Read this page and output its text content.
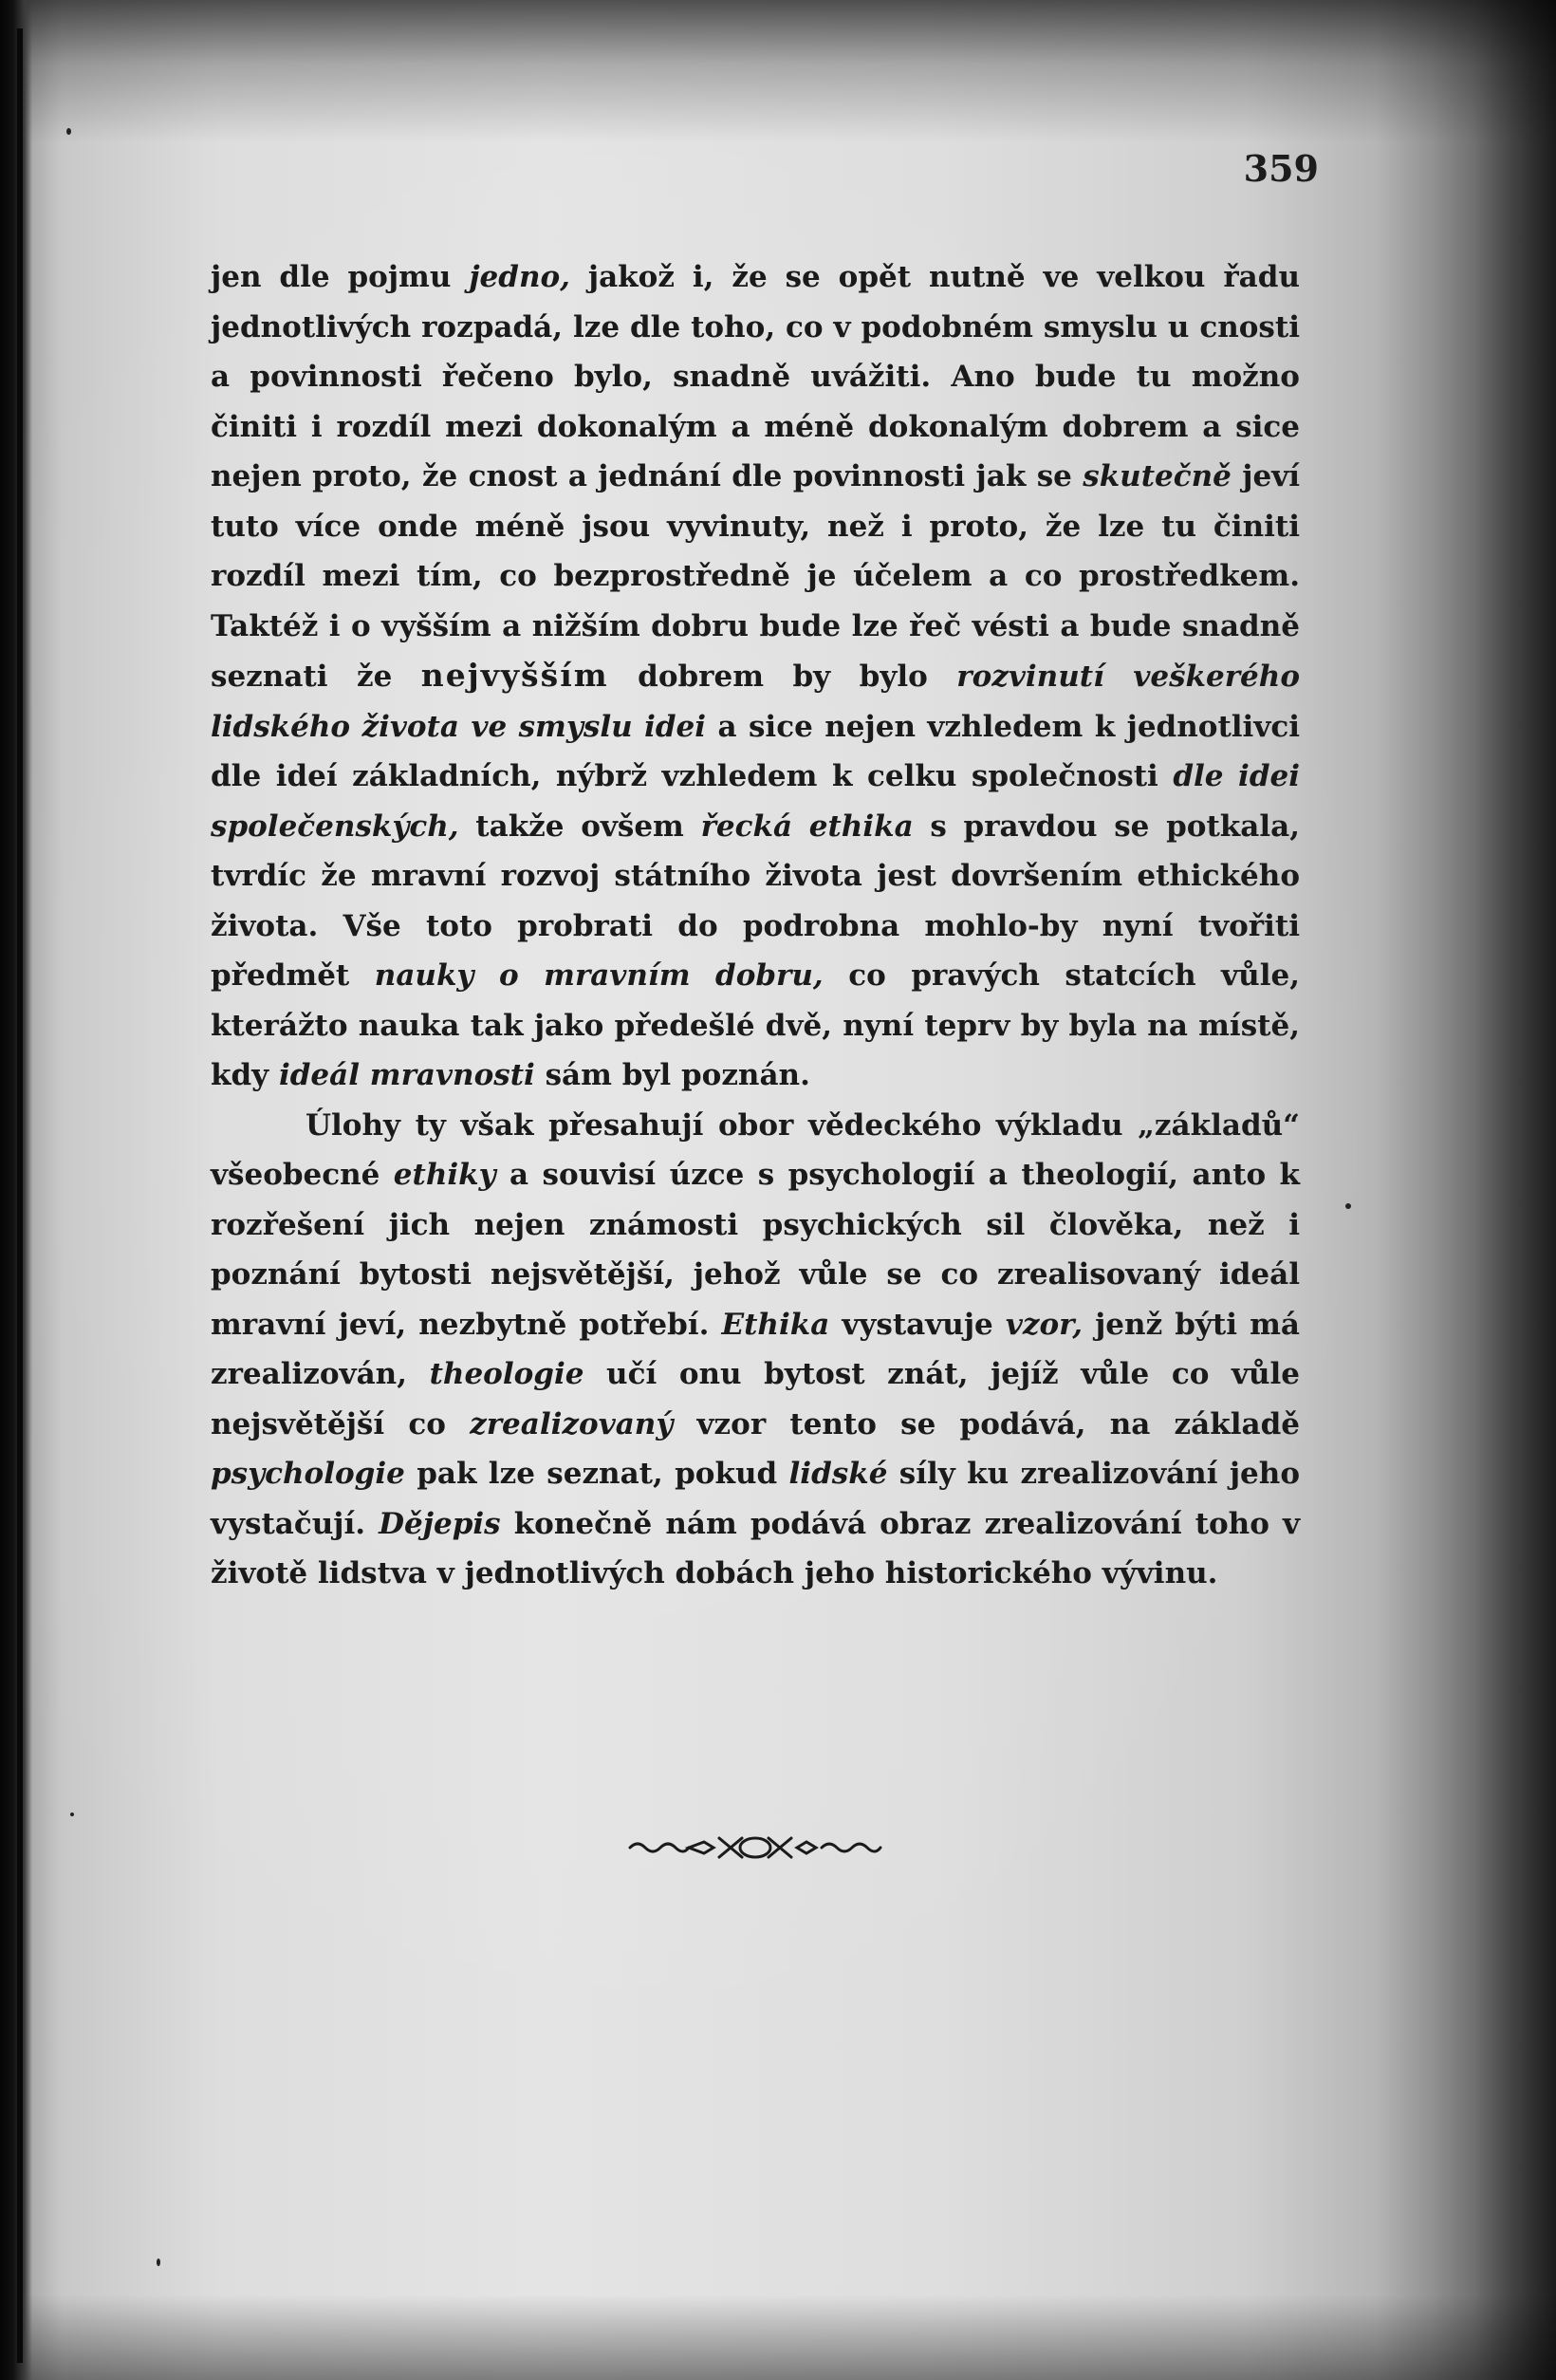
359

jen dle pojmu jedno, jakož i, že se opět nutně ve velkou řadu jednotlivých rozpadá, lze dle toho, co v podobném smyslu u cnosti a povinnosti řečeno bylo, snadně uvážiti. Ano bude tu možno činiti i rozdíl mezi dokonalým a méně dokonalým dobrem a sice nejen proto, že cnost a jednání dle povinnosti jak se skutečně jeví tuto více onde méně jsou vyvinuty, než i proto, že lze tu činiti rozdíl mezi tím, co bezprostředně je účelem a co prostředkem. Taktéž i o vyšším a nižším dobru bude lze řeč vésti a bude snadně seznati že nejvyšším dobrem by bylo rozvinutí veškerého lidského života ve smyslu idei a sice nejen vzhledem k jednotlivci dle ideí základních, nýbrž vzhledem k celku společnosti dle idei společenských, takže ovšem řecká ethika s pravdou se potkala, tvrdíc že mravní rozvoj státního života jest dovršením ethického života. Vše toto probrati do podrobna mohlo-by nyní tvořiti předmět nauky o mravním dobru, co pravých statcích vůle, kterážto nauka tak jako předešlé dvě, nyní teprv by byla na místě, kdy ideál mravnosti sám byl poznán.

Úlohy ty však přesahují obor vědeckého výkladu „základů“ všeobecné ethiky a souvisí úzce s psychologií a theologií, anto k rozřešení jich nejen známosti psychických sil člověka, než i poznání bytosti nejsvětější, jehož vůle se co zrealisovaný ideál mravní jeví, nezbytně potřebí. Ethika vystavuje vzor, jenž býti má zrealizován, theologie učí onu bytost znát, jejíž vůle co vůle nejsvětější co zrealizovaný vzor tento se podává, na základě psychologie pak lze seznat, pokud lidské síly ku zrealizování jeho vystačují. Dějepis konečně nám podává obraz zrealizování toho v životě lidstva v jednotlivých dobách jeho historického vývinu.
